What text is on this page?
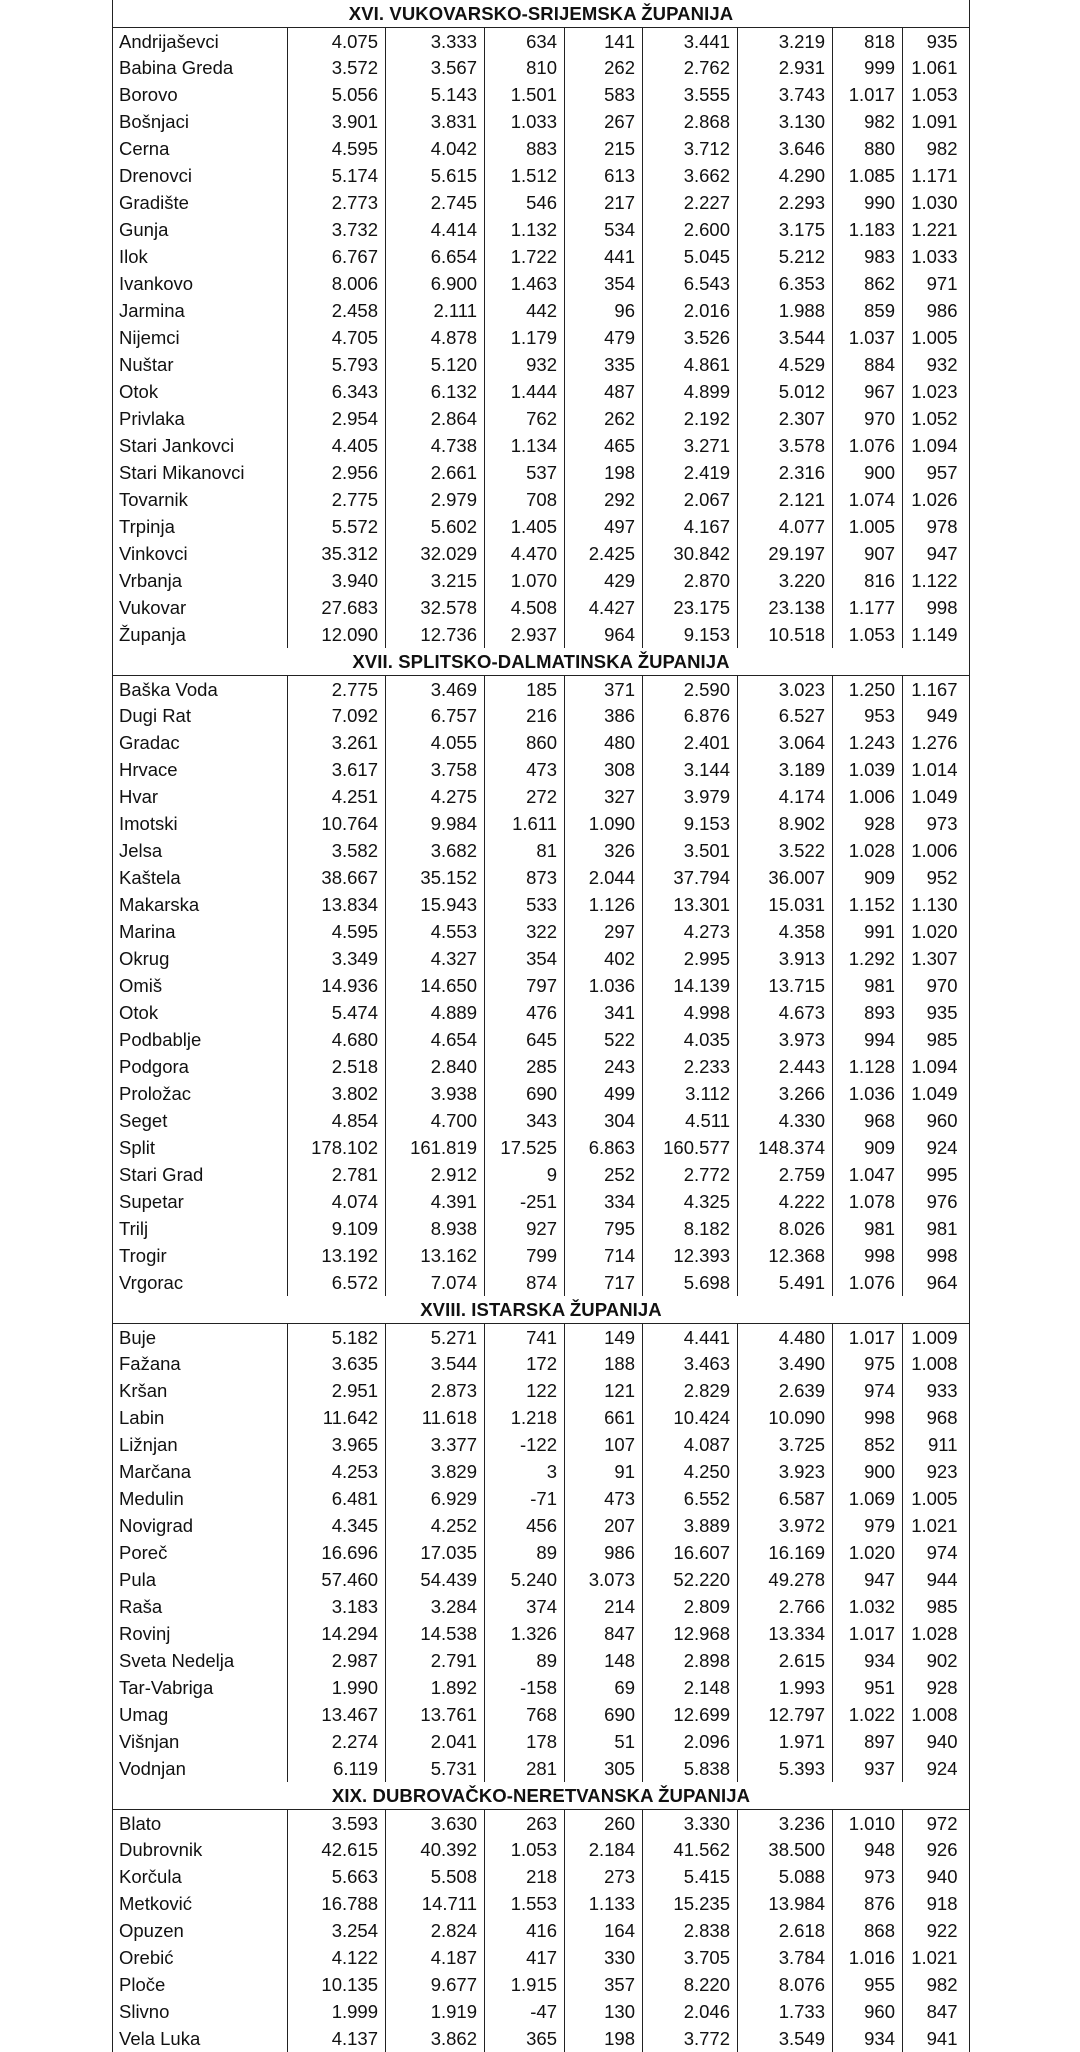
XVI. VUKOVARSKO-SRIJEMSKA ŽUPANIJA
Andrijaševci	4.075	3.333	634	141	3.441	3.219	818	935
Babina Greda	3.572	3.567	810	262	2.762	2.931	999 1.061
Borovo	5.056	5.143	1.501	583	3.555	3.743	1.017 1.053
Bošnjaci	3.901	3.831	1.033	267	2.868	3.130	982 1.091
Cerna	4.595	4.042	883	215	3.712	3.646	880	982
Drenovci	5.174	5.615	1.512	613	3.662	4.290	1.085 1.171
Gradište	2.773	2.745	546	217	2.227	2.293	990 1.030
Gunja	3.732	4.414	1.132	534	2.600	3.175	1.183 1.221
Ilok	6.767	6.654	1.722	441	5.045	5.212	983 1.033
Ivankovo	8.006	6.900	1.463	354	6.543	6.353	862	971
Jarmina	2.458	2.111	442	96	2.016	1.988	859	986
Nijemci	4.705	4.878	1.179	479	3.526	3.544	1.037 1.005
Nuštar	5.793	5.120	932	335	4.861	4.529	884	932
Otok	6.343	6.132	1.444	487	4.899	5.012	967 1.023
Privlaka	2.954	2.864	762	262	2.192	2.307	970 1.052
Stari Jankovci	4.405	4.738	1.134	465	3.271	3.578	1.076 1.094
Stari Mikanovci	2.956	2.661	537	198	2.419	2.316	900	957
Tovarnik	2.775	2.979	708	292	2.067	2.121	1.074 1.026
Trpinja	5.572	5.602	1.405	497	4.167	4.077	1.005	978
Vinkovci	35.312	32.029	4.470	2.425	30.842	29.197	907	947
Vrbanja	3.940	3.215	1.070	429	2.870	3.220	816 1.122
Vukovar	27.683	32.578	4.508	4.427	23.175	23.138	1.177	998
Županja	12.090	12.736	2.937	964	9.153	10.518	1.053 1.149
XVII. SPLITSKO-DALMATINSKA ŽUPANIJA
Baška Voda	2.775	3.469	185	371	2.590	3.023	1.250 1.167
Dugi Rat	7.092	6.757	216	386	6.876	6.527	953	949
Gradac	3.261	4.055	860	480	2.401	3.064	1.243 1.276
Hrvace	3.617	3.758	473	308	3.144	3.189	1.039 1.014
Hvar	4.251	4.275	272	327	3.979	4.174	1.006 1.049
Imotski	10.764	9.984	1.611	1.090	9.153	8.902	928	973
Jelsa	3.582	3.682	81	326	3.501	3.522	1.028 1.006
Kaštela	38.667	35.152	873	2.044	37.794	36.007	909	952
Makarska	13.834	15.943	533	1.126	13.301	15.031	1.152 1.130
Marina	4.595	4.553	322	297	4.273	4.358	991 1.020
Okrug	3.349	4.327	354	402	2.995	3.913	1.292 1.307
Omiš	14.936	14.650	797	1.036	14.139	13.715	981	970
Otok	5.474	4.889	476	341	4.998	4.673	893	935
Podbablje	4.680	4.654	645	522	4.035	3.973	994	985
Podgora	2.518	2.840	285	243	2.233	2.443	1.128 1.094
Proložac	3.802	3.938	690	499	3.112	3.266	1.036 1.049
Seget	4.854	4.700	343	304	4.511	4.330	968	960
Split	178.102	161.819	17.525	6.863	160.577	148.374	909	924
Stari Grad	2.781	2.912	9	252	2.772	2.759	1.047	995
Supetar	4.074	4.391	-251	334	4.325	4.222	1.078	976
Trilj	9.109	8.938	927	795	8.182	8.026	981	981
Trogir	13.192	13.162	799	714	12.393	12.368	998	998
Vrgorac	6.572	7.074	874	717	5.698	5.491	1.076	964
XVIII. ISTARSKA ŽUPANIJA
Buje	5.182	5.271	741	149	4.441	4.480	1.017 1.009
Fažana	3.635	3.544	172	188	3.463	3.490	975 1.008
Kršan	2.951	2.873	122	121	2.829	2.639	974	933
Labin	11.642	11.618	1.218	661	10.424	10.090	998	968
Ližnjan	3.965	3.377	-122	107	4.087	3.725	852	911
Marčana	4.253	3.829	3	91	4.250	3.923	900	923
Medulin	6.481	6.929	-71	473	6.552	6.587	1.069 1.005
Novigrad	4.345	4.252	456	207	3.889	3.972	979 1.021
Poreč	16.696	17.035	89	986	16.607	16.169	1.020	974
Pula	57.460	54.439	5.240	3.073	52.220	49.278	947	944
Raša	3.183	3.284	374	214	2.809	2.766	1.032	985
Rovinj	14.294	14.538	1.326	847	12.968	13.334	1.017 1.028
Sveta Nedelja	2.987	2.791	89	148	2.898	2.615	934	902
Tar-Vabriga	1.990	1.892	-158	69	2.148	1.993	951	928
Umag	13.467	13.761	768	690	12.699	12.797	1.022 1.008
Višnjan	2.274	2.041	178	51	2.096	1.971	897	940
Vodnjan	6.119	5.731	281	305	5.838	5.393	937	924
XIX. DUBROVAČKO-NERETVANSKA ŽUPANIJA
Blato	3.593	3.630	263	260	3.330	3.236	1.010	972
Dubrovnik	42.615	40.392	1.053	2.184	41.562	38.500	948	926
Korčula	5.663	5.508	218	273	5.415	5.088	973	940
Metković	16.788	14.711	1.553	1.133	15.235	13.984	876	918
Opuzen	3.254	2.824	416	164	2.838	2.618	868	922
Orebić	4.122	4.187	417	330	3.705	3.784	1.016 1.021
Ploče	10.135	9.677	1.915	357	8.220	8.076	955	982
Slivno	1.999	1.919	-47	130	2.046	1.733	960	847
Vela Luka	4.137	3.862	365	198	3.772	3.549	934	941
